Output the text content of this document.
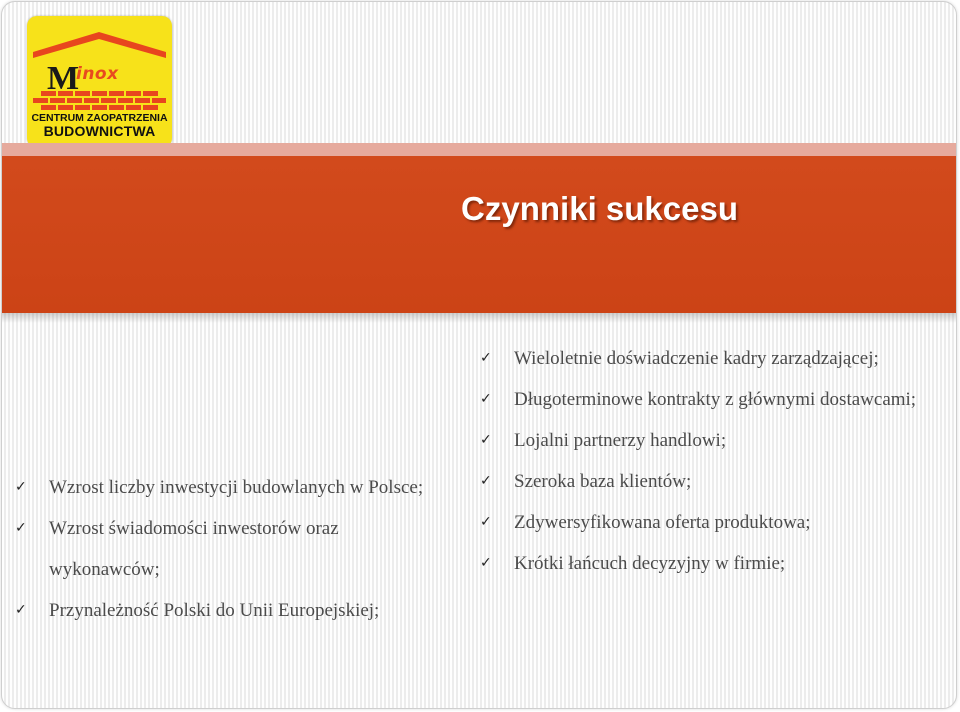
M
inox
CENTRUM ZAOPATRZENIA
BUDOWNICTWA
Czynniki sukcesu
✓	Wzrost liczby inwestycji budowlanych w Polsce;
✓	Wzrost świadomości inwestorów oraz wykonawców;
✓	Przynależność Polski do Unii Europejskiej;
✓	Wieloletnie doświadczenie kadry zarządzającej;
✓	Długoterminowe kontrakty z głównymi dostawcami;
✓	Lojalni partnerzy handlowi;
✓	Szeroka baza klientów;
✓	Zdywersyfikowana oferta produktowa;
✓	Krótki łańcuch decyzyjny w firmie;
